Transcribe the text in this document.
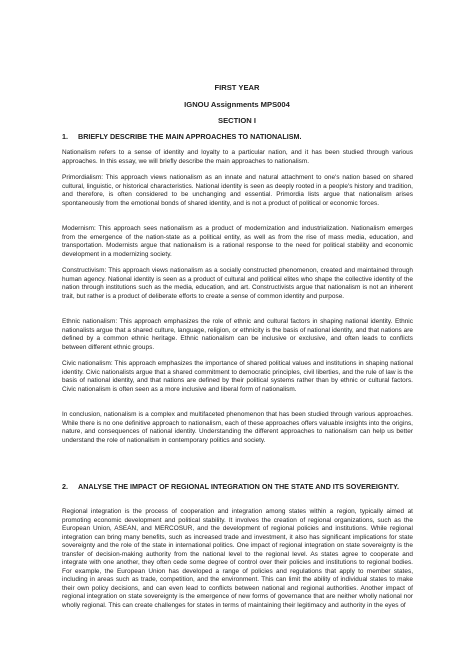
FIRST YEAR
IGNOU Assignments MPS004
SECTION I
1. BRIEFLY DESCRIBE THE MAIN APPROACHES TO NATIONALISM.

Nationalism refers to a sense of identity and loyalty to a particular nation, and it has been studied through various approaches. In this essay, we will briefly describe the main approaches to nationalism.

Primordialism: This approach views nationalism as an innate and natural attachment to one's nation based on shared cultural, linguistic, or historical characteristics. National identity is seen as deeply rooted in a people's history and tradition, and therefore, is often considered to be unchanging and essential. Primordia lists argue that nationalism arises spontaneously from the emotional bonds of shared identity, and is not a product of political or economic forces.

Modernism: This approach sees nationalism as a product of modernization and industrialization. Nationalism emerges from the emergence of the nation-state as a political entity, as well as from the rise of mass media, education, and transportation. Modernists argue that nationalism is a rational response to the need for political stability and economic development in a modernizing society.

Constructivism: This approach views nationalism as a socially constructed phenomenon, created and maintained through human agency. National identity is seen as a product of cultural and political elites who shape the collective identity of the nation through institutions such as the media, education, and art. Constructivists argue that nationalism is not an inherent trait, but rather is a product of deliberate efforts to create a sense of common identity and purpose.

Ethnic nationalism: This approach emphasizes the role of ethnic and cultural factors in shaping national identity. Ethnic nationalists argue that a shared culture, language, religion, or ethnicity is the basis of national identity, and that nations are defined by a common ethnic heritage. Ethnic nationalism can be inclusive or exclusive, and often leads to conflicts between different ethnic groups.

Civic nationalism: This approach emphasizes the importance of shared political values and institutions in shaping national identity. Civic nationalists argue that a shared commitment to democratic principles, civil liberties, and the rule of law is the basis of national identity, and that nations are defined by their political systems rather than by ethnic or cultural factors. Civic nationalism is often seen as a more inclusive and liberal form of nationalism.

In conclusion, nationalism is a complex and multifaceted phenomenon that has been studied through various approaches. While there is no one definitive approach to nationalism, each of these approaches offers valuable insights into the origins, nature, and consequences of national identity. Understanding the different approaches to nationalism can help us better understand the role of nationalism in contemporary politics and society.

2. ANALYSE THE IMPACT OF REGIONAL INTEGRATION ON THE STATE AND ITS SOVEREIGNTY.

Regional integration is the process of cooperation and integration among states within a region, typically aimed at promoting economic development and political stability. It involves the creation of regional organizations, such as the European Union, ASEAN, and MERCOSUR, and the development of regional policies and institutions. While regional integration can bring many benefits, such as increased trade and investment, it also has significant implications for state sovereignty and the role of the state in international politics. One impact of regional integration on state sovereignty is the transfer of decision-making authority from the national level to the regional level. As states agree to cooperate and integrate with one another, they often cede some degree of control over their policies and institutions to regional bodies. For example, the European Union has developed a range of policies and regulations that apply to member states, including in areas such as trade, competition, and the environment. This can limit the ability of individual states to make their own policy decisions, and can even lead to conflicts between national and regional authorities. Another impact of regional integration on state sovereignty is the emergence of new forms of governance that are neither wholly national nor wholly regional. This can create challenges for states in terms of maintaining their legitimacy and authority in the eyes of
